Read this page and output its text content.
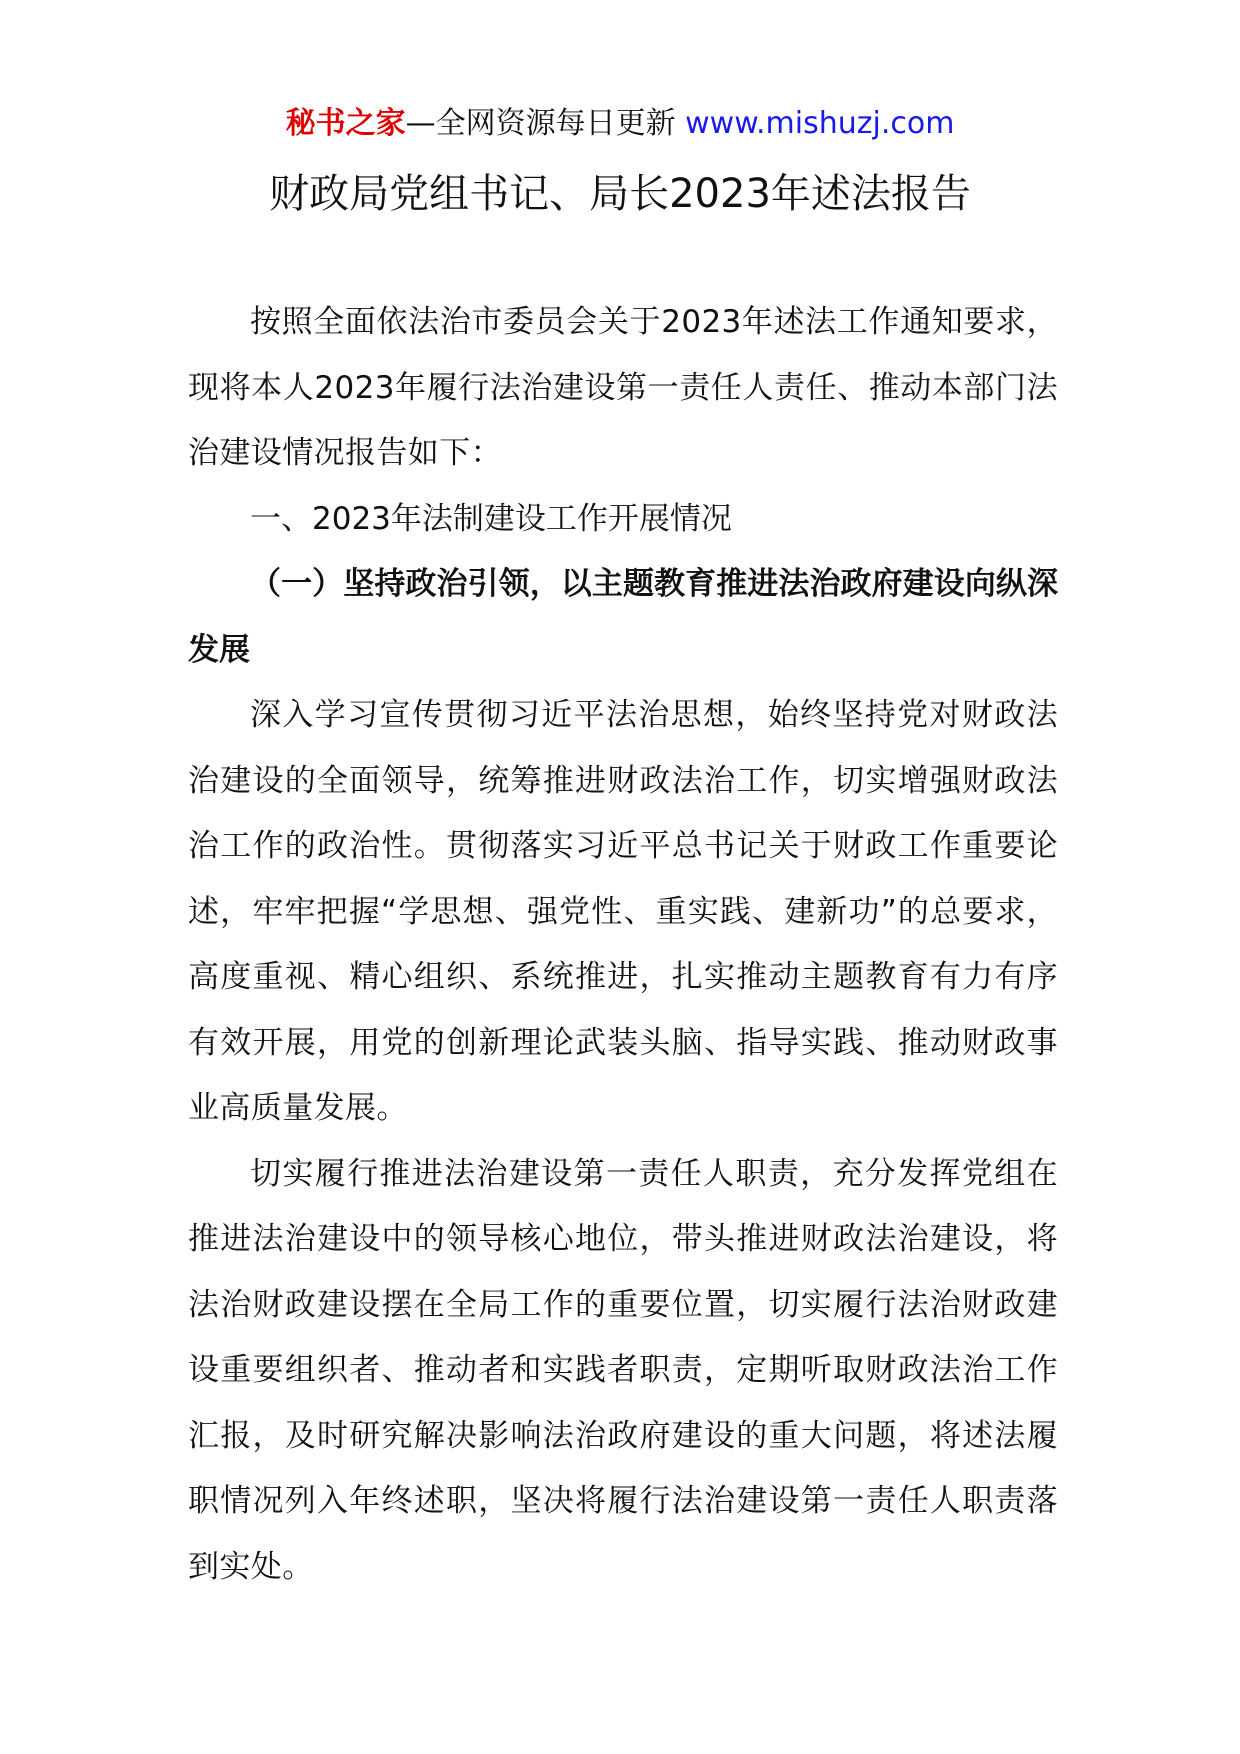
秘书之家—全网资源每日更新 www.mishuzj.com
财政局党组书记、局长2023年述法报告

按照全面依法治市委员会关于2023年述法工作通知要求，现将本人2023年履行法治建设第一责任人责任、推动本部门法治建设情况报告如下：

一、2023年法制建设工作开展情况

（一）坚持政治引领，以主题教育推进法治政府建设向纵深发展

深入学习宣传贯彻习近平法治思想，始终坚持党对财政法治建设的全面领导，统筹推进财政法治工作，切实增强财政法治工作的政治性。贯彻落实习近平总书记关于财政工作重要论述，牢牢把握“学思想、强党性、重实践、建新功”的总要求，高度重视、精心组织、系统推进，扎实推动主题教育有力有序有效开展，用党的创新理论武装头脑、指导实践、推动财政事业高质量发展。

切实履行推进法治建设第一责任人职责，充分发挥党组在推进法治建设中的领导核心地位，带头推进财政法治建设，将法治财政建设摆在全局工作的重要位置，切实履行法治财政建设重要组织者、推动者和实践者职责，定期听取财政法治工作汇报，及时研究解决影响法治政府建设的重大问题，将述法履职情况列入年终述职，坚决将履行法治建设第一责任人职责落到实处。
